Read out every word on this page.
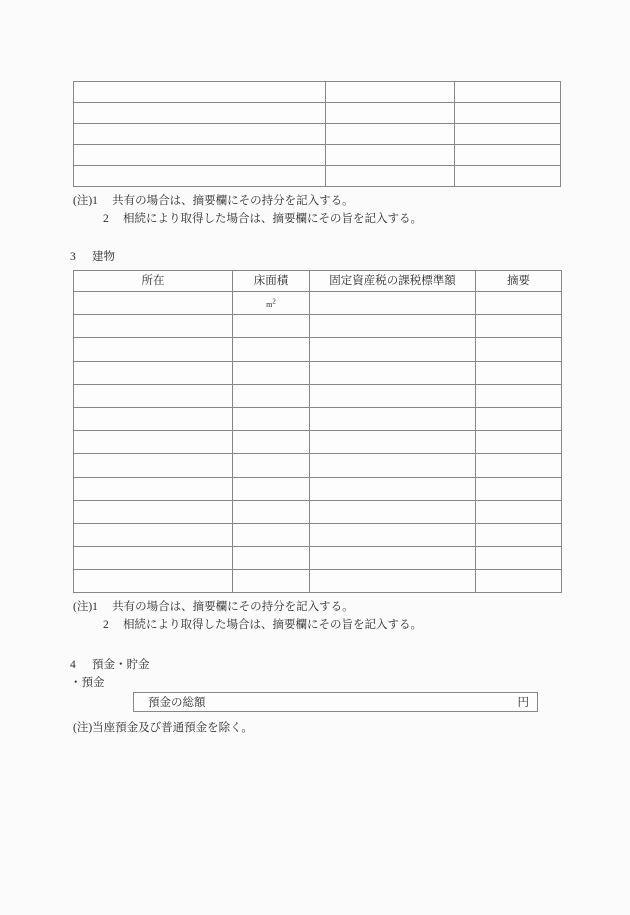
(注)1 共有の場合は、摘要欄にその持分を記入する。
2 相続により取得した場合は、摘要欄にその旨を記入する。
3 建物
所在	床面積	固定資産税の課税標準額	摘要
	$m^2$		

(注)1 共有の場合は、摘要欄にその持分を記入する。
2 相続により取得した場合は、摘要欄にその旨を記入する。
4 預金・貯金
・預金
預金の総額	円
(注)当座預金及び普通預金を除く。
